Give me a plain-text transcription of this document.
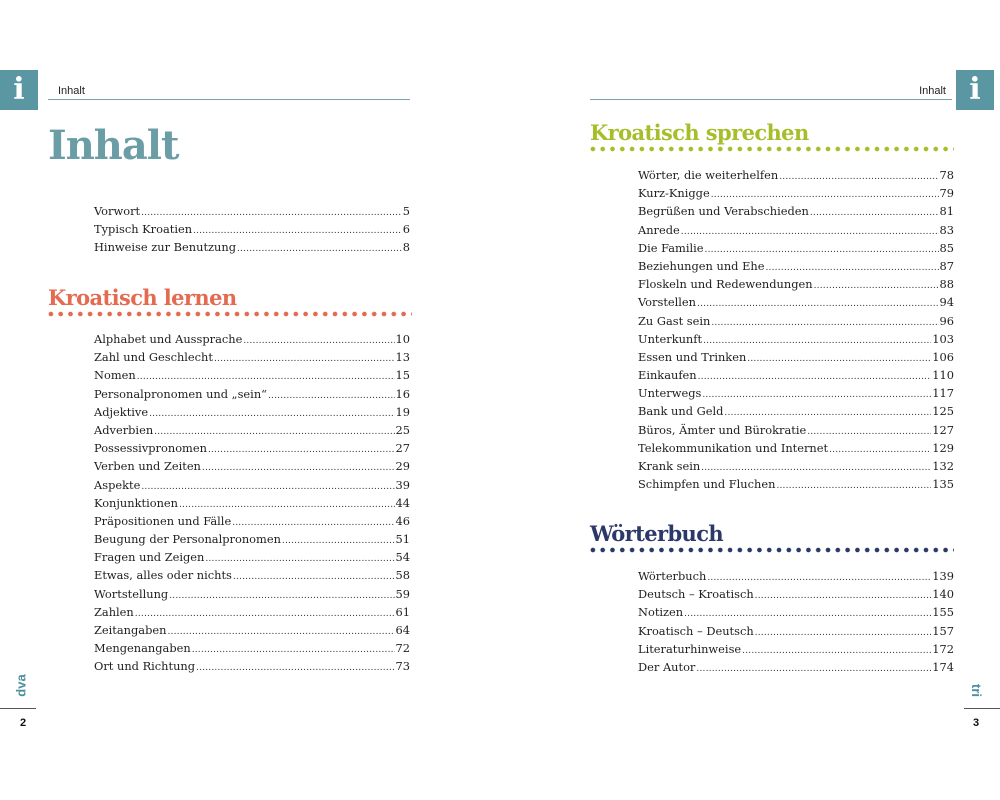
i	Inhalt
Inhalt
Vorwort .....	5
Typisch Kroatien .....	6
Hinweise zur Benutzung .....	8
Kroatisch lernen
Alphabet und Aussprache .....	10
Zahl und Geschlecht .....	13
Nomen .....	15
Personalpronomen und „sein“ .....	16
Adjektive .....	19
Adverbien .....	25
Possessivpronomen .....	27
Verben und Zeiten .....	29
Aspekte .....	39
Konjunktionen .....	44
Präpositionen und Fälle .....	46
Beugung der Personalpronomen .....	51
Fragen und Zeigen .....	54
Etwas, alles oder nichts .....	58
Wortstellung .....	59
Zahlen .....	61
Zeitangaben .....	64
Mengenangaben .....	72
Ort und Richtung .....	73
dva
2
i
Inhalt
Kroatisch sprechen
Wörter, die weiterhelfen .....	78
Kurz-Knigge .....	79
Begrüßen und Verabschieden .....	81
Anrede .....	83
Die Familie .....	85
Beziehungen und Ehe .....	87
Floskeln und Redewendungen .....	88
Vorstellen .....	94
Zu Gast sein .....	96
Unterkunft .....	103
Essen und Trinken .....	106
Einkaufen .....	110
Unterwegs .....	117
Bank und Geld .....	125
Büros, Ämter und Bürokratie .....	127
Telekommunikation und Internet .....	129
Krank sein .....	132
Schimpfen und Fluchen .....	135
Wörterbuch
Wörterbuch .....	139
Deutsch – Kroatisch .....	140
Notizen .....	155
Kroatisch – Deutsch .....	157
Literaturhinweise .....	172
Der Autor .....	174
tri
3
